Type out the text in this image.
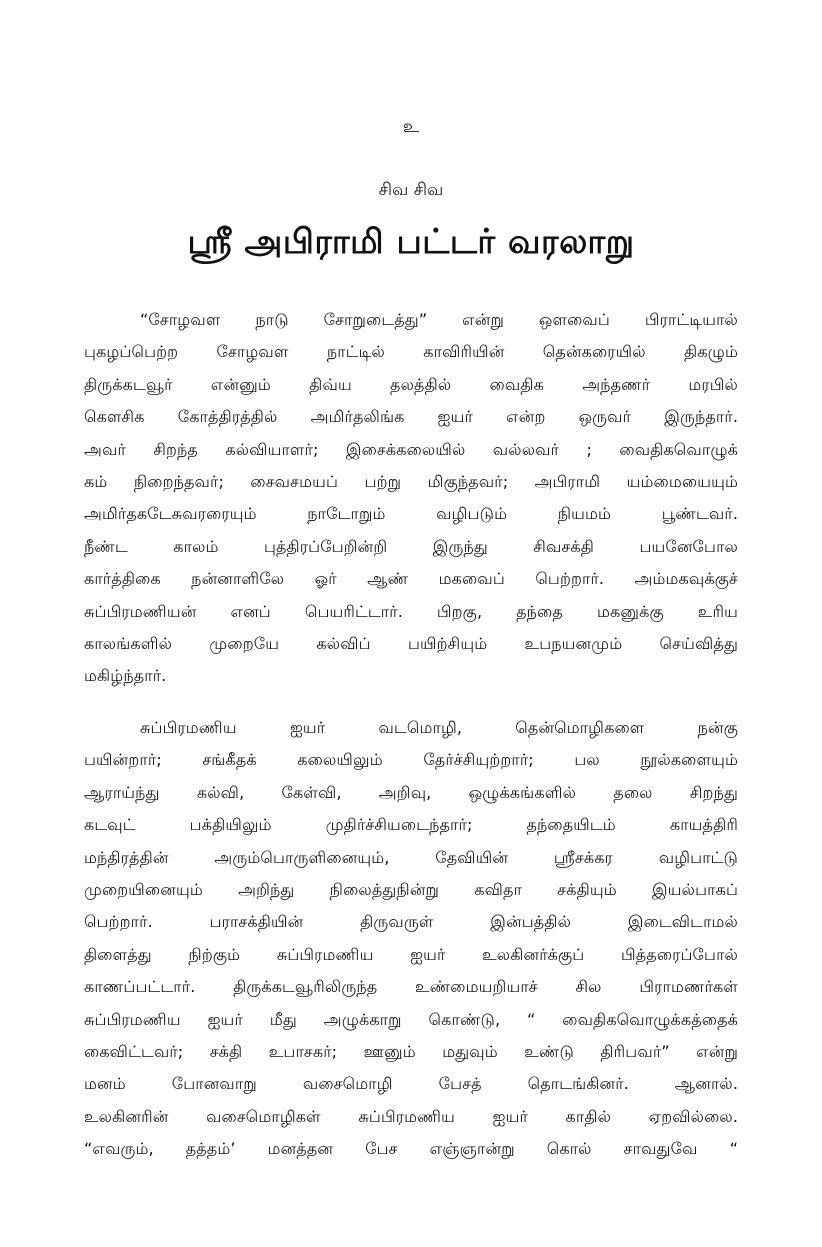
உ
சிவ சிவ
ஸ்ரீ அபிராமி பட்டர் வரலாறு
“சோழவள நாடு சோறுடைத்து” என்று ஒளவைப் பிராட்டியால்
புகழப்பெற்ற சோழவள நாட்டில் காவிரியின் தென்கரையில் திகழும்
திருக்கடவூர் என்னும் திவ்ய தலத்தில் வைதிக அந்தணர் மரபில்
கௌசிக கோத்திரத்தில் அமிர்தலிங்க ஐயர் என்ற ஒருவர் இருந்தார்.
அவர் சிறந்த கல்வியாளர்; இசைக்கலையில் வல்லவர் ; வைதிகவொழுக்
கம் நிறைந்தவர்; சைவசமயப் பற்று மிகுந்தவர்; அபிராமி யம்மையையும்
அமிர்தகடேசுவரரையும் நாடோறும் வழிபடும் நியமம் பூண்டவர்.
நீண்ட காலம் புத்திரப்பேறின்றி இருந்து சிவசக்தி பயனேபோல
கார்த்திகை நன்னாளிலே ஓர் ஆண் மகவைப் பெற்றார். அம்மகவுக்குச்
சுப்பிரமணியன் எனப் பெயரிட்டார். பிறகு, தந்தை மகனுக்கு உரிய
காலங்களில் முறையே கல்விப் பயிற்சியும் உபநயனமும் செய்வித்து
மகிழ்ந்தார்.
சுப்பிரமணிய ஐயர் வடமொழி, தென்மொழிகளை நன்கு
பயின்றார்; சங்கீதக் கலையிலும் தேர்ச்சியுற்றார்; பல நூல்களையும்
ஆராய்ந்து கல்வி, கேள்வி, அறிவு, ஒழுக்கங்களில் தலை சிறந்து
கடவுட் பக்தியிலும் முதிர்ச்சியடைந்தார்; தந்தையிடம் காயத்திரி
மந்திரத்தின் அரும்பொருளினையும், தேவியின் ஸ்ரீசக்கர வழிபாட்டு
முறையினையும் அறிந்து நிலைத்துநின்று கவிதா சக்தியும் இயல்பாகப்
பெற்றார். பராசக்தியின் திருவருள் இன்பத்தில் இடைவிடாமல்
திளைத்து நிற்கும் சுப்பிரமணிய ஐயர் உலகினர்க்குப் பித்தரைப்போல்
காணப்பட்டார். திருக்கடவூரிலிருந்த உண்மையறியாச் சில பிராமணர்கள்
சுப்பிரமணிய ஐயர் மீது அழுக்காறு கொண்டு, “ வைதிகவொழுக்கத்தைக்
கைவிட்டவர்; சக்தி உபாசகர்; ஊனும் மதுவும் உண்டு திரிபவர்” என்று
மனம் போனவாறு வசைமொழி பேசத் தொடங்கினர். ஆனால்.
உலகினரின் வசைமொழிகள் சுப்பிரமணிய ஐயர் காதில் ஏறவில்லை.
“எவரும், தத்தம்’ மனத்தன பேச எஞ்ஞான்று கொல் சாவதுவே “
